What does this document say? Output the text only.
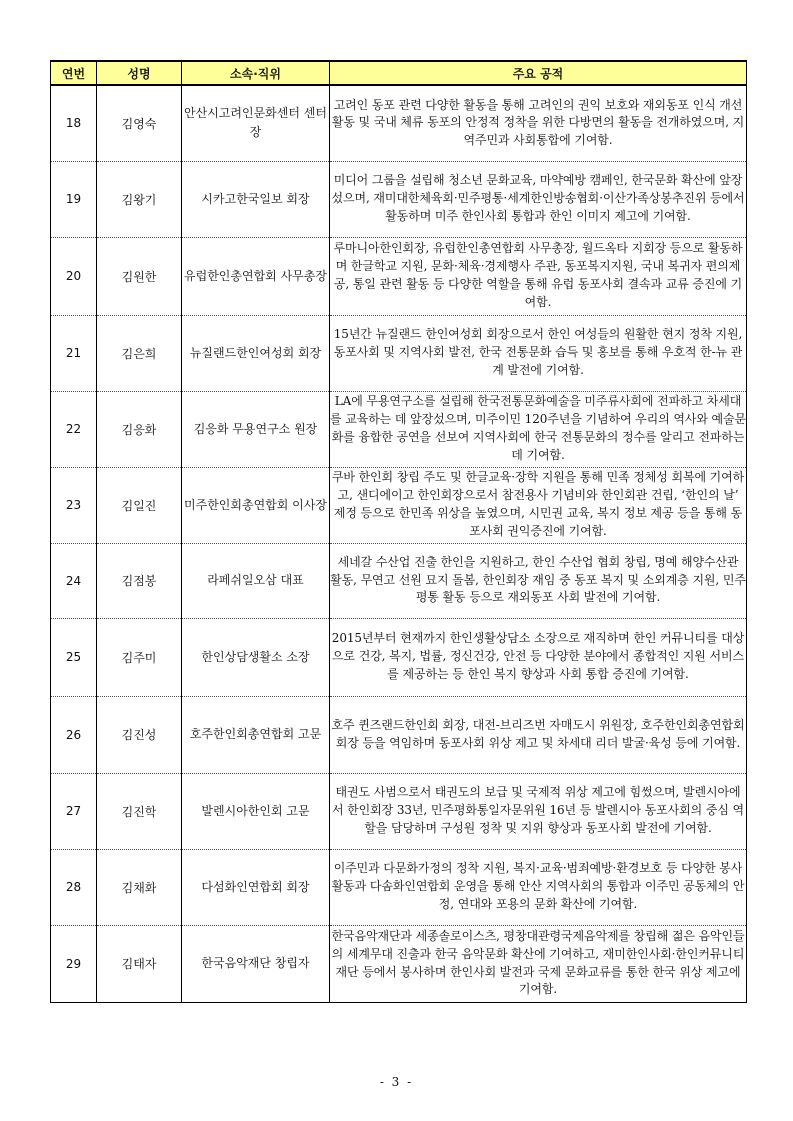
연번	성명	소속·직위	주요 공적
18	김영숙	안산시고려인문화센터 센터장	고려인 동포 관련 다양한 활동을 통해 고려인의 권익 보호와 재외동포 인식 개선 활동 및 국내 체류 동포의 안정적 정착을 위한 다방면의 활동을 전개하였으며, 지역주민과 사회통합에 기여함.
19	김왕기	시카고한국일보 회장	미디어 그룹을 설립해 청소년 문화교육, 마약예방 캠페인, 한국문화 확산에 앞장섰으며, 재미대한체육회·민주평통·세계한인방송협회·이산가족상봉추진위 등에서 활동하며 미주 한인사회 통합과 한인 이미지 제고에 기여함.
20	김원한	유럽한인총연합회 사무총장	루마니아한인회장, 유럽한인총연합회 사무총장, 월드옥타 지회장 등으로 활동하며 한글학교 지원, 문화·체육·경제행사 주관, 동포복지지원, 국내 복귀자 편의제공, 통일 관련 활동 등 다양한 역할을 통해 유럽 동포사회 결속과 교류 증진에 기여함.
21	김은희	뉴질랜드한인여성회 회장	15년간 뉴질랜드 한인여성회 회장으로서 한인 여성들의 원활한 현지 정착 지원, 동포사회 및 지역사회 발전, 한국 전통문화 습득 및 홍보를 통해 우호적 한-뉴 관계 발전에 기여함.
22	김응화	김응화 무용연구소 원장	LA에 무용연구소를 설립해 한국전통문화예술을 미주류사회에 전파하고 차세대를 교육하는 데 앞장섰으며, 미주이민 120주년을 기념하여 우리의 역사와 예술문화를 융합한 공연을 선보여 지역사회에 한국 전통문화의 정수를 알리고 전파하는 데 기여함.
23	김일진	미주한인회총연합회 이사장	쿠바 한인회 창립 주도 및 한글교육·장학 지원을 통해 민족 정체성 회복에 기여하고, 샌디에이고 한인회장으로서 참전용사 기념비와 한인회관 건립, ‘한인의 날’ 제정 등으로 한민족 위상을 높였으며, 시민권 교육, 복지 정보 제공 등을 통해 동포사회 권익증진에 기여함.
24	김점봉	라페쉬일오삼 대표	세네갈 수산업 진출 한인을 지원하고, 한인 수산업 협회 창립, 명예 해양수산관 활동, 무연고 선원 묘지 돌봄, 한인회장 재임 중 동포 복지 및 소외계층 지원, 민주 평통 활동 등으로 재외동포 사회 발전에 기여함.
25	김주미	한인상담생활소 소장	2015년부터 현재까지 한인생활상담소 소장으로 재직하며 한인 커뮤니티를 대상으로 건강, 복지, 법률, 정신건강, 안전 등 다양한 분야에서 종합적인 지원 서비스를 제공하는 등 한인 복지 향상과 사회 통합 증진에 기여함.
26	김진성	호주한인회총연합회 고문	호주 퀸즈랜드한인회 회장, 대전-브리즈번 자매도시 위원장, 호주한인회총연합회 회장 등을 역임하며 동포사회 위상 제고 및 차세대 리더 발굴·육성 등에 기여함.
27	김진학	발렌시아한인회 고문	태권도 사범으로서 태권도의 보급 및 국제적 위상 제고에 힘썼으며, 발렌시아에서 한인회장 33년, 민주평화통일자문위원 16년 등 발렌시아 동포사회의 중심 역할을 담당하며 구성원 정착 및 지위 향상과 동포사회 발전에 기여함.
28	김채화	다섬화인연합회 회장	이주민과 다문화가정의 정착 지원, 복지·교육·범죄예방·환경보호 등 다양한 봉사활동과 다솜화인연합회 운영을 통해 안산 지역사회의 통합과 이주민 공동체의 안정, 연대와 포용의 문화 확산에 기여함.
29	김태자	한국음악재단 창립자	한국음악재단과 세종솔로이스츠, 평창대관령국제음악제를 창립해 젊은 음악인들의 세계무대 진출과 한국 음악문화 확산에 기여하고, 재미한인사회·한인커뮤니티재단 등에서 봉사하며 한인사회 발전과 국제 문화교류를 통한 한국 위상 제고에 기여함.
- 3 -
